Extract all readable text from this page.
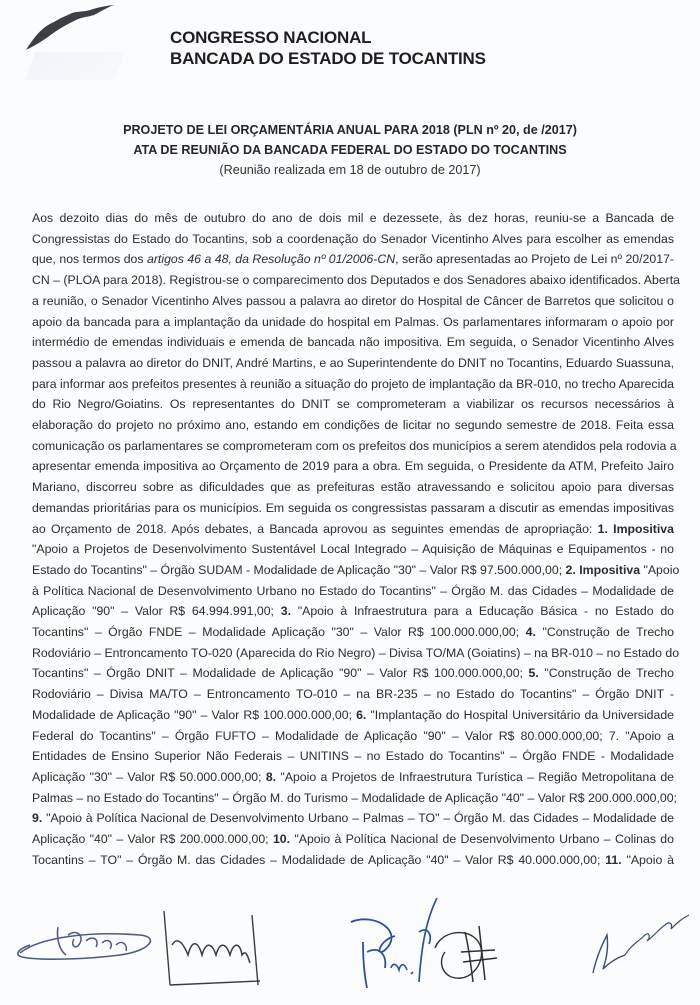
CONGRESSO NACIONAL
BANCADA DO ESTADO DE TOCANTINS
PROJETO DE LEI ORÇAMENTÁRIA ANUAL PARA 2018 (PLN nº 20, de /2017)
ATA DE REUNIÃO DA BANCADA FEDERAL DO ESTADO DO TOCANTINS
(Reunião realizada em 18 de outubro de 2017)
Aos dezoito dias do mês de outubro do ano de dois mil e dezessete, às dez horas, reuniu-se a Bancada de
Congressistas do Estado do Tocantins, sob a coordenação do Senador Vicentinho Alves para escolher as emendas
que, nos termos dos artigos 46 a 48, da Resolução nº 01/2006-CN, serão apresentadas ao Projeto de Lei nº 20/2017-
CN – (PLOA para 2018). Registrou-se o comparecimento dos Deputados e dos Senadores abaixo identificados. Aberta
a reunião, o Senador Vicentinho Alves passou a palavra ao diretor do Hospital de Câncer de Barretos que solicitou o
apoio da bancada para a implantação da unidade do hospital em Palmas. Os parlamentares informaram o apoio por
intermédio de emendas individuais e emenda de bancada não impositiva. Em seguida, o Senador Vicentinho Alves
passou a palavra ao diretor do DNIT, André Martins, e ao Superintendente do DNIT no Tocantins, Eduardo Suassuna,
para informar aos prefeitos presentes à reunião a situação do projeto de implantação da BR-010, no trecho Aparecida
do Rio Negro/Goiatins. Os representantes do DNIT se comprometeram a viabilizar os recursos necessários à
elaboração do projeto no próximo ano, estando em condições de licitar no segundo semestre de 2018. Feita essa
comunicação os parlamentares se comprometeram com os prefeitos dos municípios a serem atendidos pela rodovia a
apresentar emenda impositiva ao Orçamento de 2019 para a obra. Em seguida, o Presidente da ATM, Prefeito Jairo
Mariano, discorreu sobre as dificuldades que as prefeituras estão atravessando e solicitou apoio para diversas
demandas prioritárias para os municípios. Em seguida os congressistas passaram a discutir as emendas impositivas
ao Orçamento de 2018. Após debates, a Bancada aprovou as seguintes emendas de apropriação: 1. Impositiva
"Apoio a Projetos de Desenvolvimento Sustentável Local Integrado – Aquisição de Máquinas e Equipamentos - no
Estado do Tocantins" – Órgão SUDAM - Modalidade de Aplicação "30" – Valor R$ 97.500.000,00; 2. Impositiva "Apoio
à Política Nacional de Desenvolvimento Urbano no Estado do Tocantins" – Órgão M. das Cidades – Modalidade de
Aplicação "90" – Valor R$ 64.994.991,00; 3. "Apoio à Infraestrutura para a Educação Básica - no Estado do
Tocantins" – Órgão FNDE – Modalidade Aplicação "30" – Valor R$ 100.000.000,00; 4. "Construção de Trecho
Rodoviário – Entroncamento TO-020 (Aparecida do Rio Negro) – Divisa TO/MA (Goiatins) – na BR-010 – no Estado do
Tocantins" – Órgão DNIT – Modalidade de Aplicação "90" – Valor R$ 100.000.000,00; 5. "Construção de Trecho
Rodoviário – Divisa MA/TO – Entroncamento TO-010 – na BR-235 – no Estado do Tocantins" – Órgão DNIT -
Modalidade de Aplicação "90" – Valor R$ 100.000.000,00; 6. "Implantação do Hospital Universitário da Universidade
Federal do Tocantins" – Órgão FUFTO – Modalidade de Aplicação "90" – Valor R$ 80.000.000,00; 7. "Apoio a
Entidades de Ensino Superior Não Federais – UNITINS – no Estado do Tocantins" – Órgão FNDE - Modalidade
Aplicação "30" – Valor R$ 50.000.000,00; 8. "Apoio a Projetos de Infraestrutura Turística – Região Metropolitana de
Palmas – no Estado do Tocantins" – Órgão M. do Turismo – Modalidade de Aplicação "40" – Valor R$ 200.000.000,00;
9. "Apoio à Política Nacional de Desenvolvimento Urbano – Palmas – TO" – Órgão M. das Cidades – Modalidade de
Aplicação "40" – Valor R$ 200.000.000,00; 10. "Apoio à Política Nacional de Desenvolvimento Urbano – Colinas do
Tocantins – TO" – Órgão M. das Cidades – Modalidade de Aplicação "40" – Valor R$ 40.000.000,00; 11. "Apoio à
